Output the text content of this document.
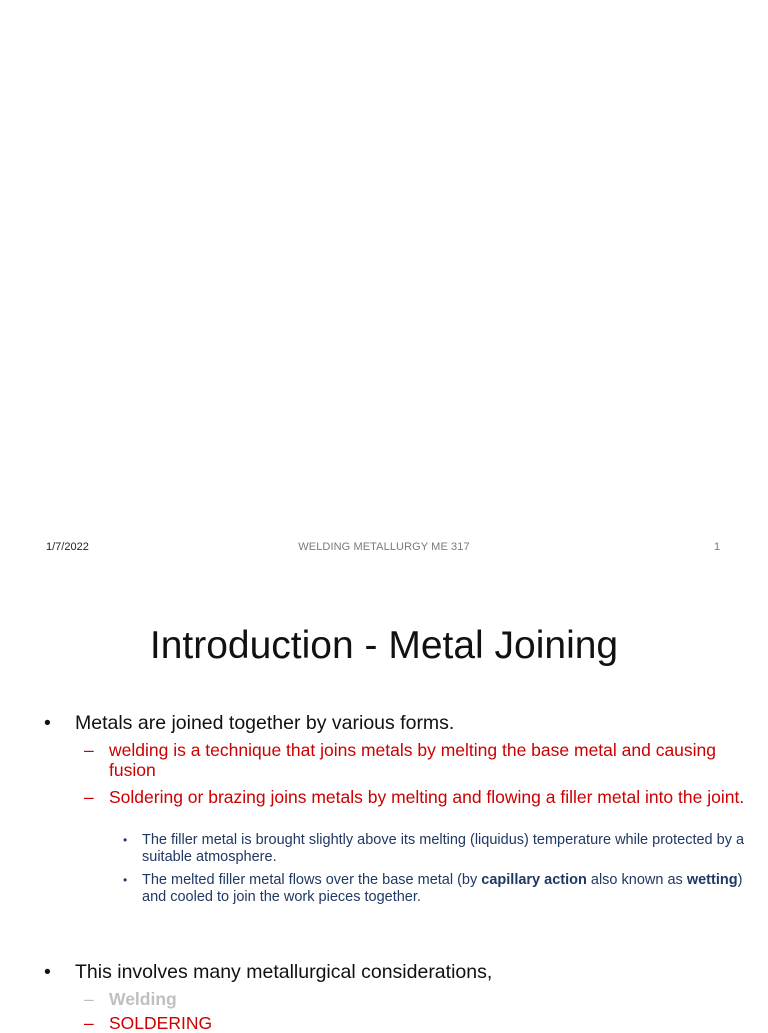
1/7/2022	WELDING METALLURGY ME 317	1
Introduction - Metal Joining
• Metals are joined together by various forms.
– welding is a technique that joins metals by melting the base metal and causing fusion
– Soldering or brazing joins metals by melting and flowing a filler metal into the joint.
• The filler metal is brought slightly above its melting (liquidus) temperature while protected by a suitable atmosphere.
• The melted filler metal flows over the base metal (by capillary action also known as wetting) and cooled to join the work pieces together.
• This involves many metallurgical considerations,
– Welding
– SOLDERING
